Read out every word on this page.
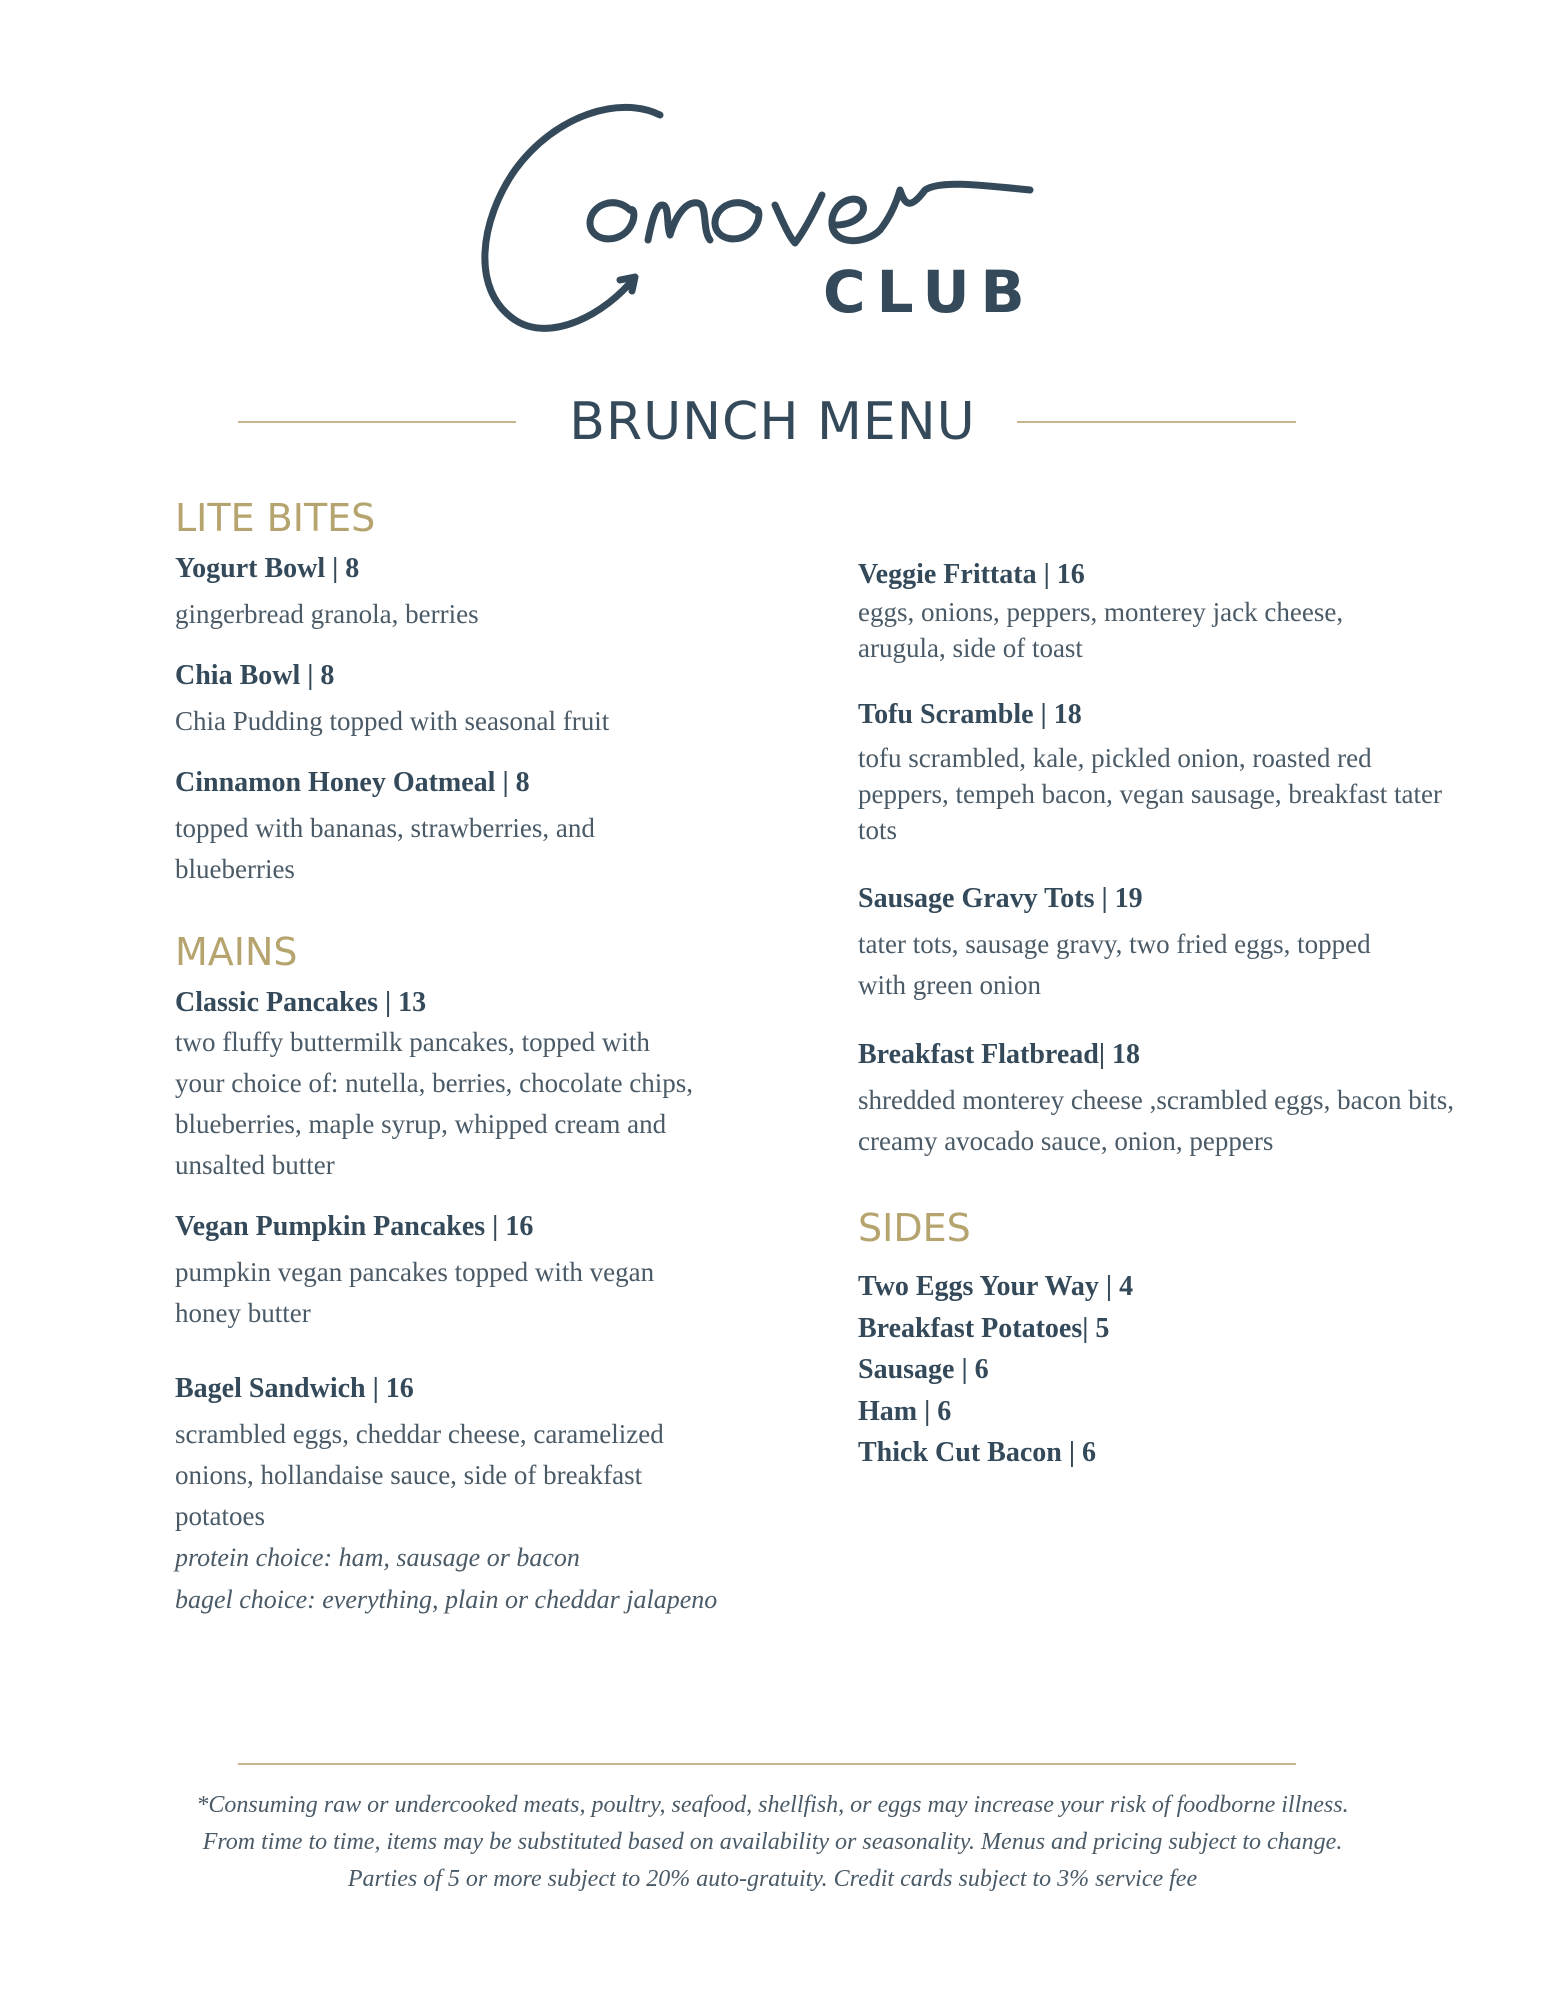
CLUB
BRUNCH MENU
LITE BITES
Yogurt Bowl | 8
gingerbread granola, berries
Chia Bowl | 8
Chia Pudding topped with seasonal fruit
Cinnamon Honey Oatmeal | 8
topped with bananas, strawberries, and blueberries
MAINS
Classic Pancakes | 13
two fluffy buttermilk pancakes, topped with your choice of: nutella, berries, chocolate chips, blueberries, maple syrup, whipped cream and unsalted butter
Vegan Pumpkin Pancakes | 16
pumpkin vegan pancakes topped with vegan honey butter
Bagel Sandwich | 16
scrambled eggs, cheddar cheese, caramelized onions, hollandaise sauce, side of breakfast potatoes
protein choice: ham, sausage or bacon
bagel choice: everything, plain or cheddar jalapeno
Veggie Frittata | 16
eggs, onions, peppers, monterey jack cheese, arugula, side of toast
Tofu Scramble | 18
tofu scrambled, kale, pickled onion, roasted red peppers, tempeh bacon, vegan sausage, breakfast tater tots
Sausage Gravy Tots | 19
tater tots, sausage gravy, two fried eggs, topped with green onion
Breakfast Flatbread| 18
shredded monterey cheese ,scrambled eggs, bacon bits, creamy avocado sauce, onion, peppers
SIDES
Two Eggs Your Way | 4
Breakfast Potatoes| 5
Sausage | 6
Ham | 6
Thick Cut Bacon | 6
*Consuming raw or undercooked meats, poultry, seafood, shellfish, or eggs may increase your risk of foodborne illness. From time to time, items may be substituted based on availability or seasonality. Menus and pricing subject to change. Parties of 5 or more subject to 20% auto-gratuity. Credit cards subject to 3% service fee
